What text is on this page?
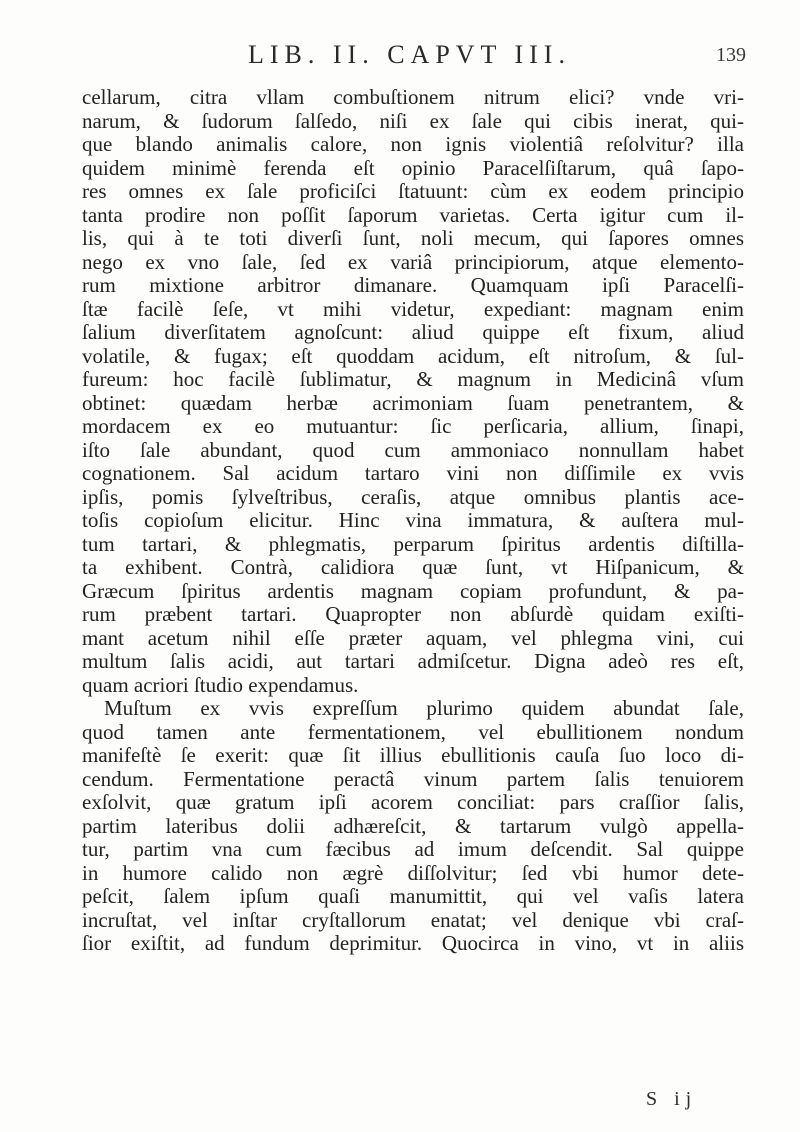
LIB. II. CAPVT III.	139
cellarum, citra vllam combuſtionem nitrum elici? vnde vri-
narum, & ſudorum ſalſedo, niſi ex ſale qui cibis inerat, qui-
que blando animalis calore, non ignis violentiâ reſolvitur? illa
quidem minimè ferenda eſt opinio Paracelſiſtarum, quâ ſapo-
res omnes ex ſale proficiſci ſtatuunt: cùm ex eodem principio
tanta prodire non poſſit ſaporum varietas. Certa igitur cum il-
lis, qui à te toti diverſi ſunt, noli mecum, qui ſapores omnes
nego ex vno ſale, ſed ex variâ principiorum, atque elemento-
rum mixtione arbitror dimanare. Quamquam ipſi Paracelſi-
ſtæ facilè ſeſe, vt mihi videtur, expediant: magnam enim
ſalium diverſitatem agnoſcunt: aliud quippe eſt fixum, aliud
volatile, & fugax; eſt quoddam acidum, eſt nitroſum, & ſul-
fureum: hoc facilè ſublimatur, & magnum in Medicinâ vſum
obtinet: quædam herbæ acrimoniam ſuam penetrantem, &
mordacem ex eo mutuantur: ſic perſicaria, allium, ſinapi,
iſto ſale abundant, quod cum ammoniaco nonnullam habet
cognationem. Sal acidum tartaro vini non diſſimile ex vvis
ipſis, pomis ſylveſtribus, ceraſis, atque omnibus plantis ace-
toſis copioſum elicitur. Hinc vina immatura, & auſtera mul-
tum tartari, & phlegmatis, perparum ſpiritus ardentis diſtilla-
ta exhibent. Contrà, calidiora quæ ſunt, vt Hiſpanicum, &
Græcum ſpiritus ardentis magnam copiam profundunt, & pa-
rum præbent tartari. Quapropter non abſurdè quidam exiſti-
mant acetum nihil eſſe præter aquam, vel phlegma vini, cui
multum ſalis acidi, aut tartari admiſcetur. Digna adeò res eſt,
quam acriori ſtudio expendamus.
Muſtum ex vvis expreſſum plurimo quidem abundat ſale,
quod tamen ante fermentationem, vel ebullitionem nondum
manifeſtè ſe exerit: quæ ſit illius ebullitionis cauſa ſuo loco di-
cendum. Fermentatione peractâ vinum partem ſalis tenuiorem
exſolvit, quæ gratum ipſi acorem conciliat: pars craſſior ſalis,
partim lateribus dolii adhæreſcit, & tartarum vulgò appella-
tur, partim vna cum fæcibus ad imum deſcendit. Sal quippe
in humore calido non ægrè diſſolvitur; ſed vbi humor dete-
peſcit, ſalem ipſum quaſi manumittit, qui vel vaſis latera
incruſtat, vel inſtar cryſtallorum enatat; vel denique vbi craſ-
ſior exiſtit, ad fundum deprimitur. Quocirca in vino, vt in aliis
S ij
